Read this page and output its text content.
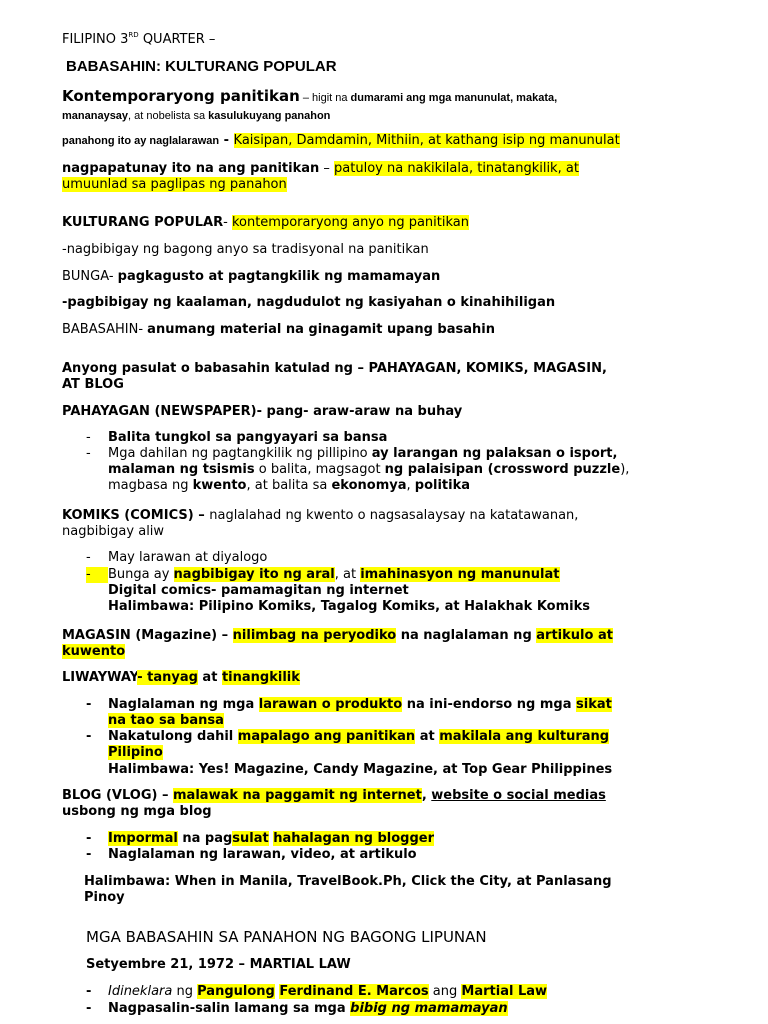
FILIPINO 3RD QUARTER –
BABASAHIN: KULTURANG POPULAR
Kontemporaryong panitikan – higit na dumarami ang mga manunulat, makata,
mananaysay, at nobelista sa kasulukuyang panahon
panahong ito ay naglalarawan - Kaisipan, Damdamin, Mithiin, at kathang isip ng manunulat
nagpapatunay ito na ang panitikan – patuloy na nakikilala, tinatangkilik, at
umuunlad sa paglipas ng panahon
KULTURANG POPULAR- kontemporaryong anyo ng panitikan
-nagbibigay ng bagong anyo sa tradisyonal na panitikan
BUNGA- pagkagusto at pagtangkilik ng mamamayan
-pagbibigay ng kaalaman, nagdudulot ng kasiyahan o kinahihiligan
BABASAHIN- anumang material na ginagamit upang basahin
Anyong pasulat o babasahin katulad ng – PAHAYAGAN, KOMIKS, MAGASIN,
AT BLOG
PAHAYAGAN (NEWSPAPER)- pang- araw-araw na buhay
-	Balita tungkol sa pangyayari sa bansa
-	Mga dahilan ng pagtangkilik ng pillipino ay larangan ng palaksan o isport,
malaman ng tsismis o balita, magsagot ng palaisipan (crossword puzzle),
magbasa ng kwento, at balita sa ekonomya, politika
KOMIKS (COMICS) – naglalahad ng kwento o nagsasalaysay na katatawanan,
nagbibigay aliw
-	May larawan at diyalogo
-	Bunga ay nagbibigay ito ng aral, at imahinasyon ng manunulat
Digital comics- pamamagitan ng internet
Halimbawa: Pilipino Komiks, Tagalog Komiks, at Halakhak Komiks
MAGASIN (Magazine) – nilimbag na peryodiko na naglalaman ng artikulo at
kuwento
LIWAYWAY- tanyag at tinangkilik
-	Naglalaman ng mga larawan o produkto na ini-endorso ng mga sikat
na tao sa bansa
-	Nakatulong dahil mapalago ang panitikan at makilala ang kulturang
Pilipino
Halimbawa: Yes! Magazine, Candy Magazine, at Top Gear Philippines
BLOG (VLOG) – malawak na paggamit ng internet, website o social medias
usbong ng mga blog
-	Impormal na pagsulat hahalagan ng blogger
-	Naglalaman ng larawan, video, at artikulo
Halimbawa: When in Manila, TravelBook.Ph, Click the City, at Panlasang
Pinoy
MGA BABASAHIN SA PANAHON NG BAGONG LIPUNAN
Setyembre 21, 1972 – MARTIAL LAW
-	Idineklara ng Pangulong Ferdinand E. Marcos ang Martial Law
-	Nagpasalin-salin lamang sa mga bibig ng mamamayan
